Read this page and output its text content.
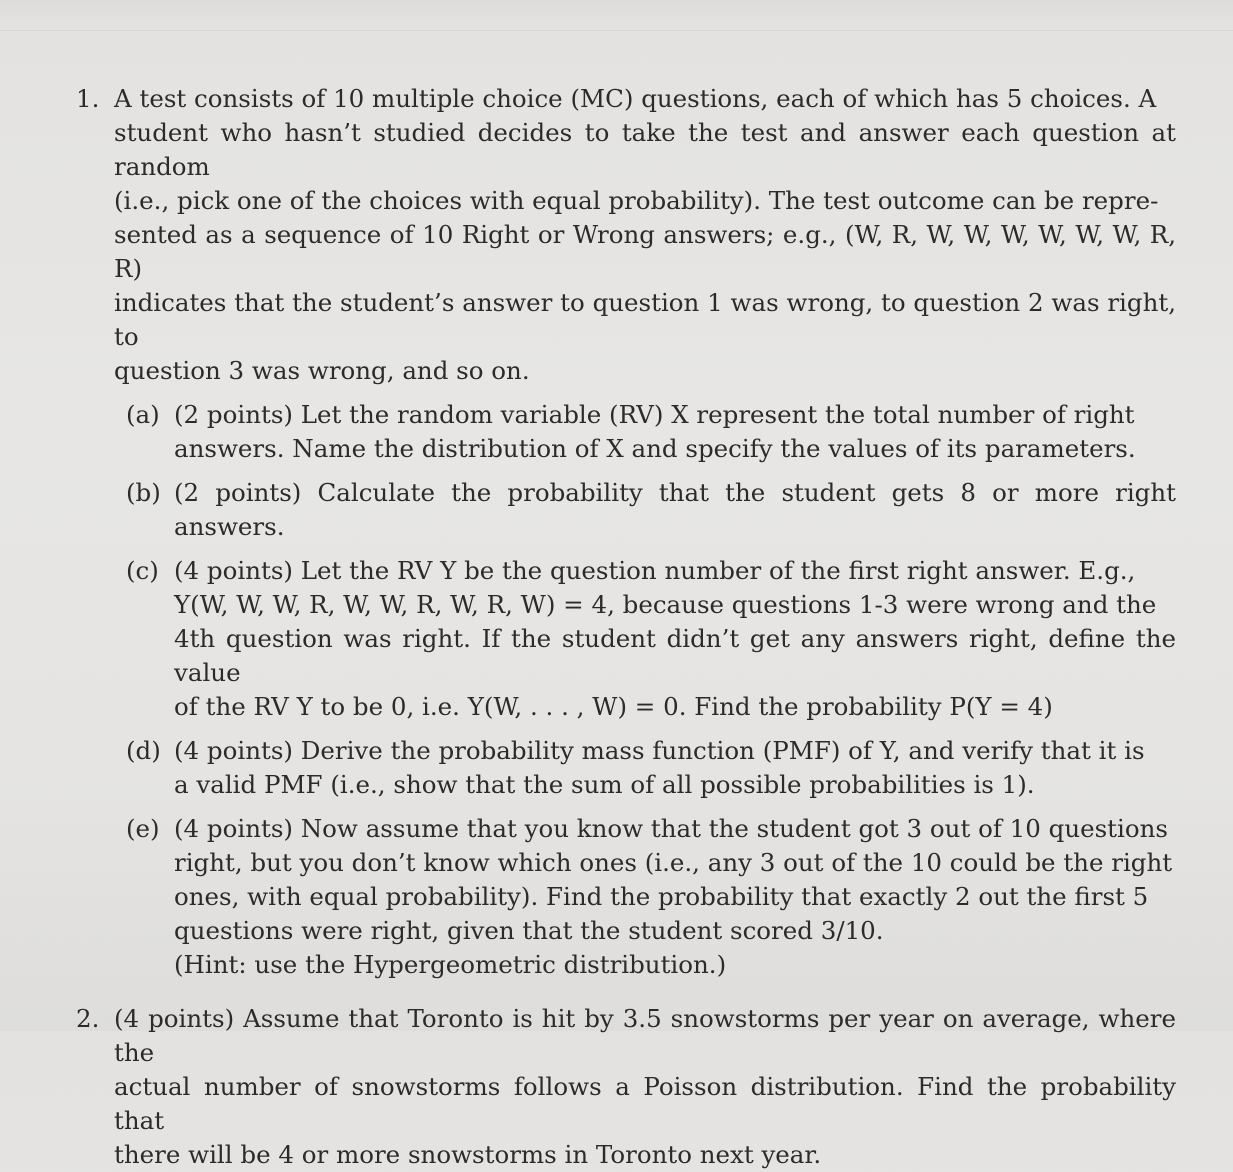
1. A test consists of 10 multiple choice (MC) questions, each of which has 5 choices. A
student who hasn’t studied decides to take the test and answer each question at random
(i.e., pick one of the choices with equal probability). The test outcome can be repre-
sented as a sequence of 10 Right or Wrong answers; e.g., (W, R, W, W, W, W, W, W, R, R)
indicates that the student’s answer to question 1 was wrong, to question 2 was right, to
question 3 was wrong, and so on.
(a) (2 points) Let the random variable (RV) X represent the total number of right
answers. Name the distribution of X and specify the values of its parameters.
(b) (2 points) Calculate the probability that the student gets 8 or more right answers.
(c) (4 points) Let the RV Y be the question number of the first right answer. E.g.,
Y(W, W, W, R, W, W, R, W, R, W) = 4, because questions 1-3 were wrong and the
4th question was right. If the student didn’t get any answers right, define the value
of the RV Y to be 0, i.e. Y(W, . . . , W) = 0. Find the probability P(Y = 4)
(d) (4 points) Derive the probability mass function (PMF) of Y, and verify that it is
a valid PMF (i.e., show that the sum of all possible probabilities is 1).
(e) (4 points) Now assume that you know that the student got 3 out of 10 questions
right, but you don’t know which ones (i.e., any 3 out of the 10 could be the right
ones, with equal probability). Find the probability that exactly 2 out the first 5
questions were right, given that the student scored 3/10.
(Hint: use the Hypergeometric distribution.)
2. (4 points) Assume that Toronto is hit by 3.5 snowstorms per year on average, where the
actual number of snowstorms follows a Poisson distribution. Find the probability that
there will be 4 or more snowstorms in Toronto next year.
